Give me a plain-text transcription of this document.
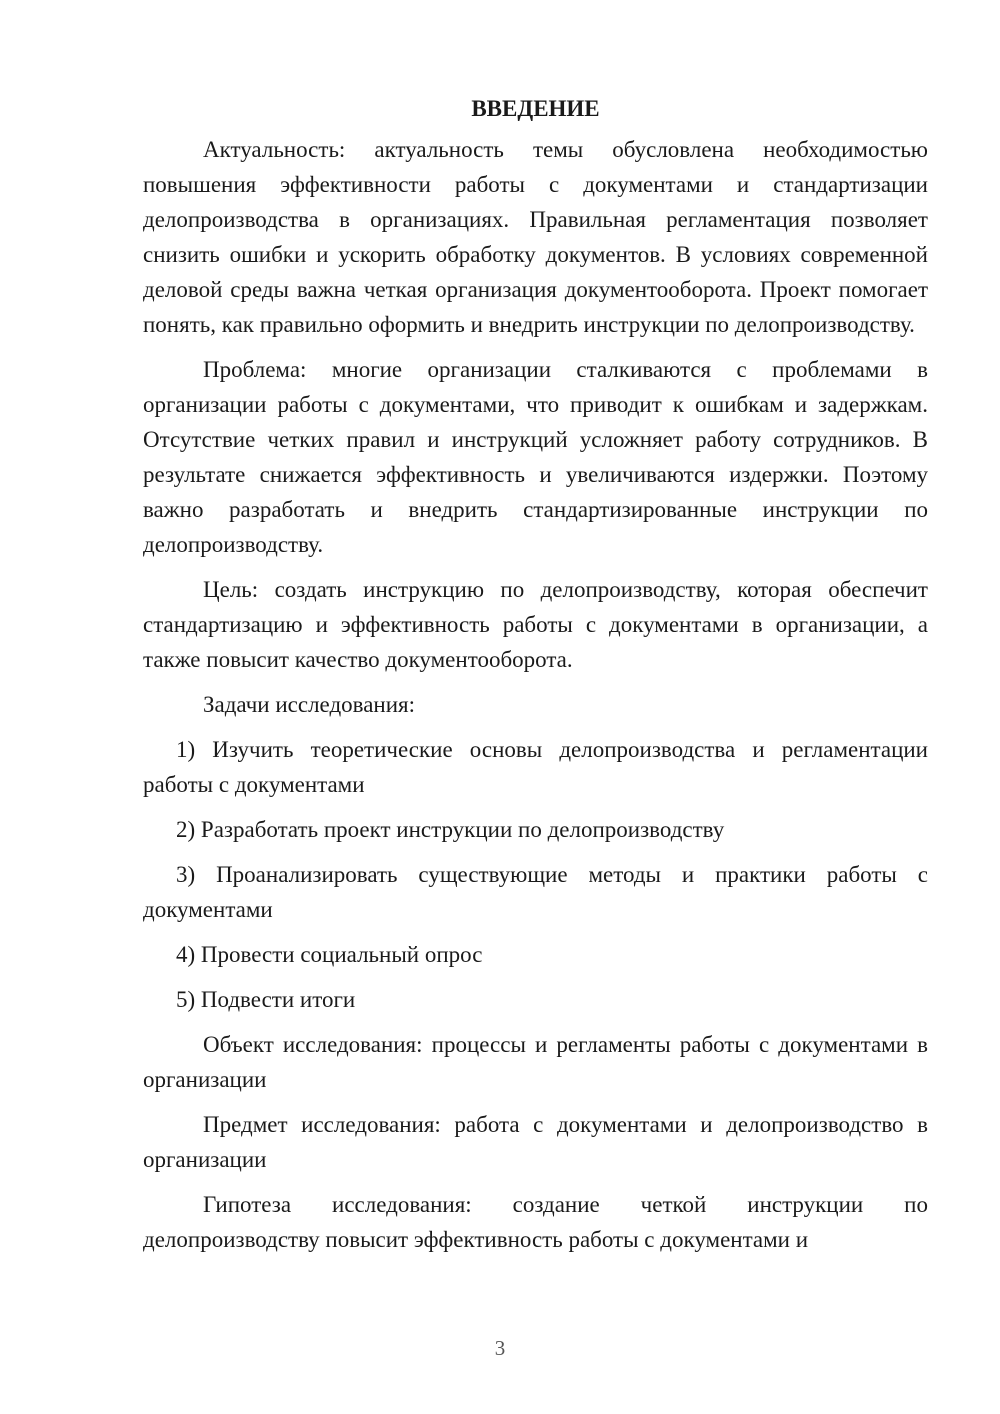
ВВЕДЕНИЕ

Актуальность: актуальность темы обусловлена необходимостью повышения эффективности работы с документами и стандартизации делопроизводства в организациях. Правильная регламентация позволяет снизить ошибки и ускорить обработку документов. В условиях современной деловой среды важна четкая организация документооборота. Проект помогает понять, как правильно оформить и внедрить инструкции по делопроизводству.

Проблема: многие организации сталкиваются с проблемами в организации работы с документами, что приводит к ошибкам и задержкам. Отсутствие четких правил и инструкций усложняет работу сотрудников. В результате снижается эффективность и увеличиваются издержки. Поэтому важно разработать и внедрить стандартизированные инструкции по делопроизводству.

Цель: создать инструкцию по делопроизводству, которая обеспечит стандартизацию и эффективность работы с документами в организации, а также повысит качество документооборота.

Задачи исследования:

1) Изучить теоретические основы делопроизводства и регламентации работы с документами

2) Разработать проект инструкции по делопроизводству

3) Проанализировать существующие методы и практики работы с документами

4) Провести социальный опрос

5) Подвести итоги

Объект исследования: процессы и регламенты работы с документами в организации

Предмет исследования: работа с документами и делопроизводство в организации

Гипотеза исследования: создание четкой инструкции по делопроизводству повысит эффективность работы с документами и

3
